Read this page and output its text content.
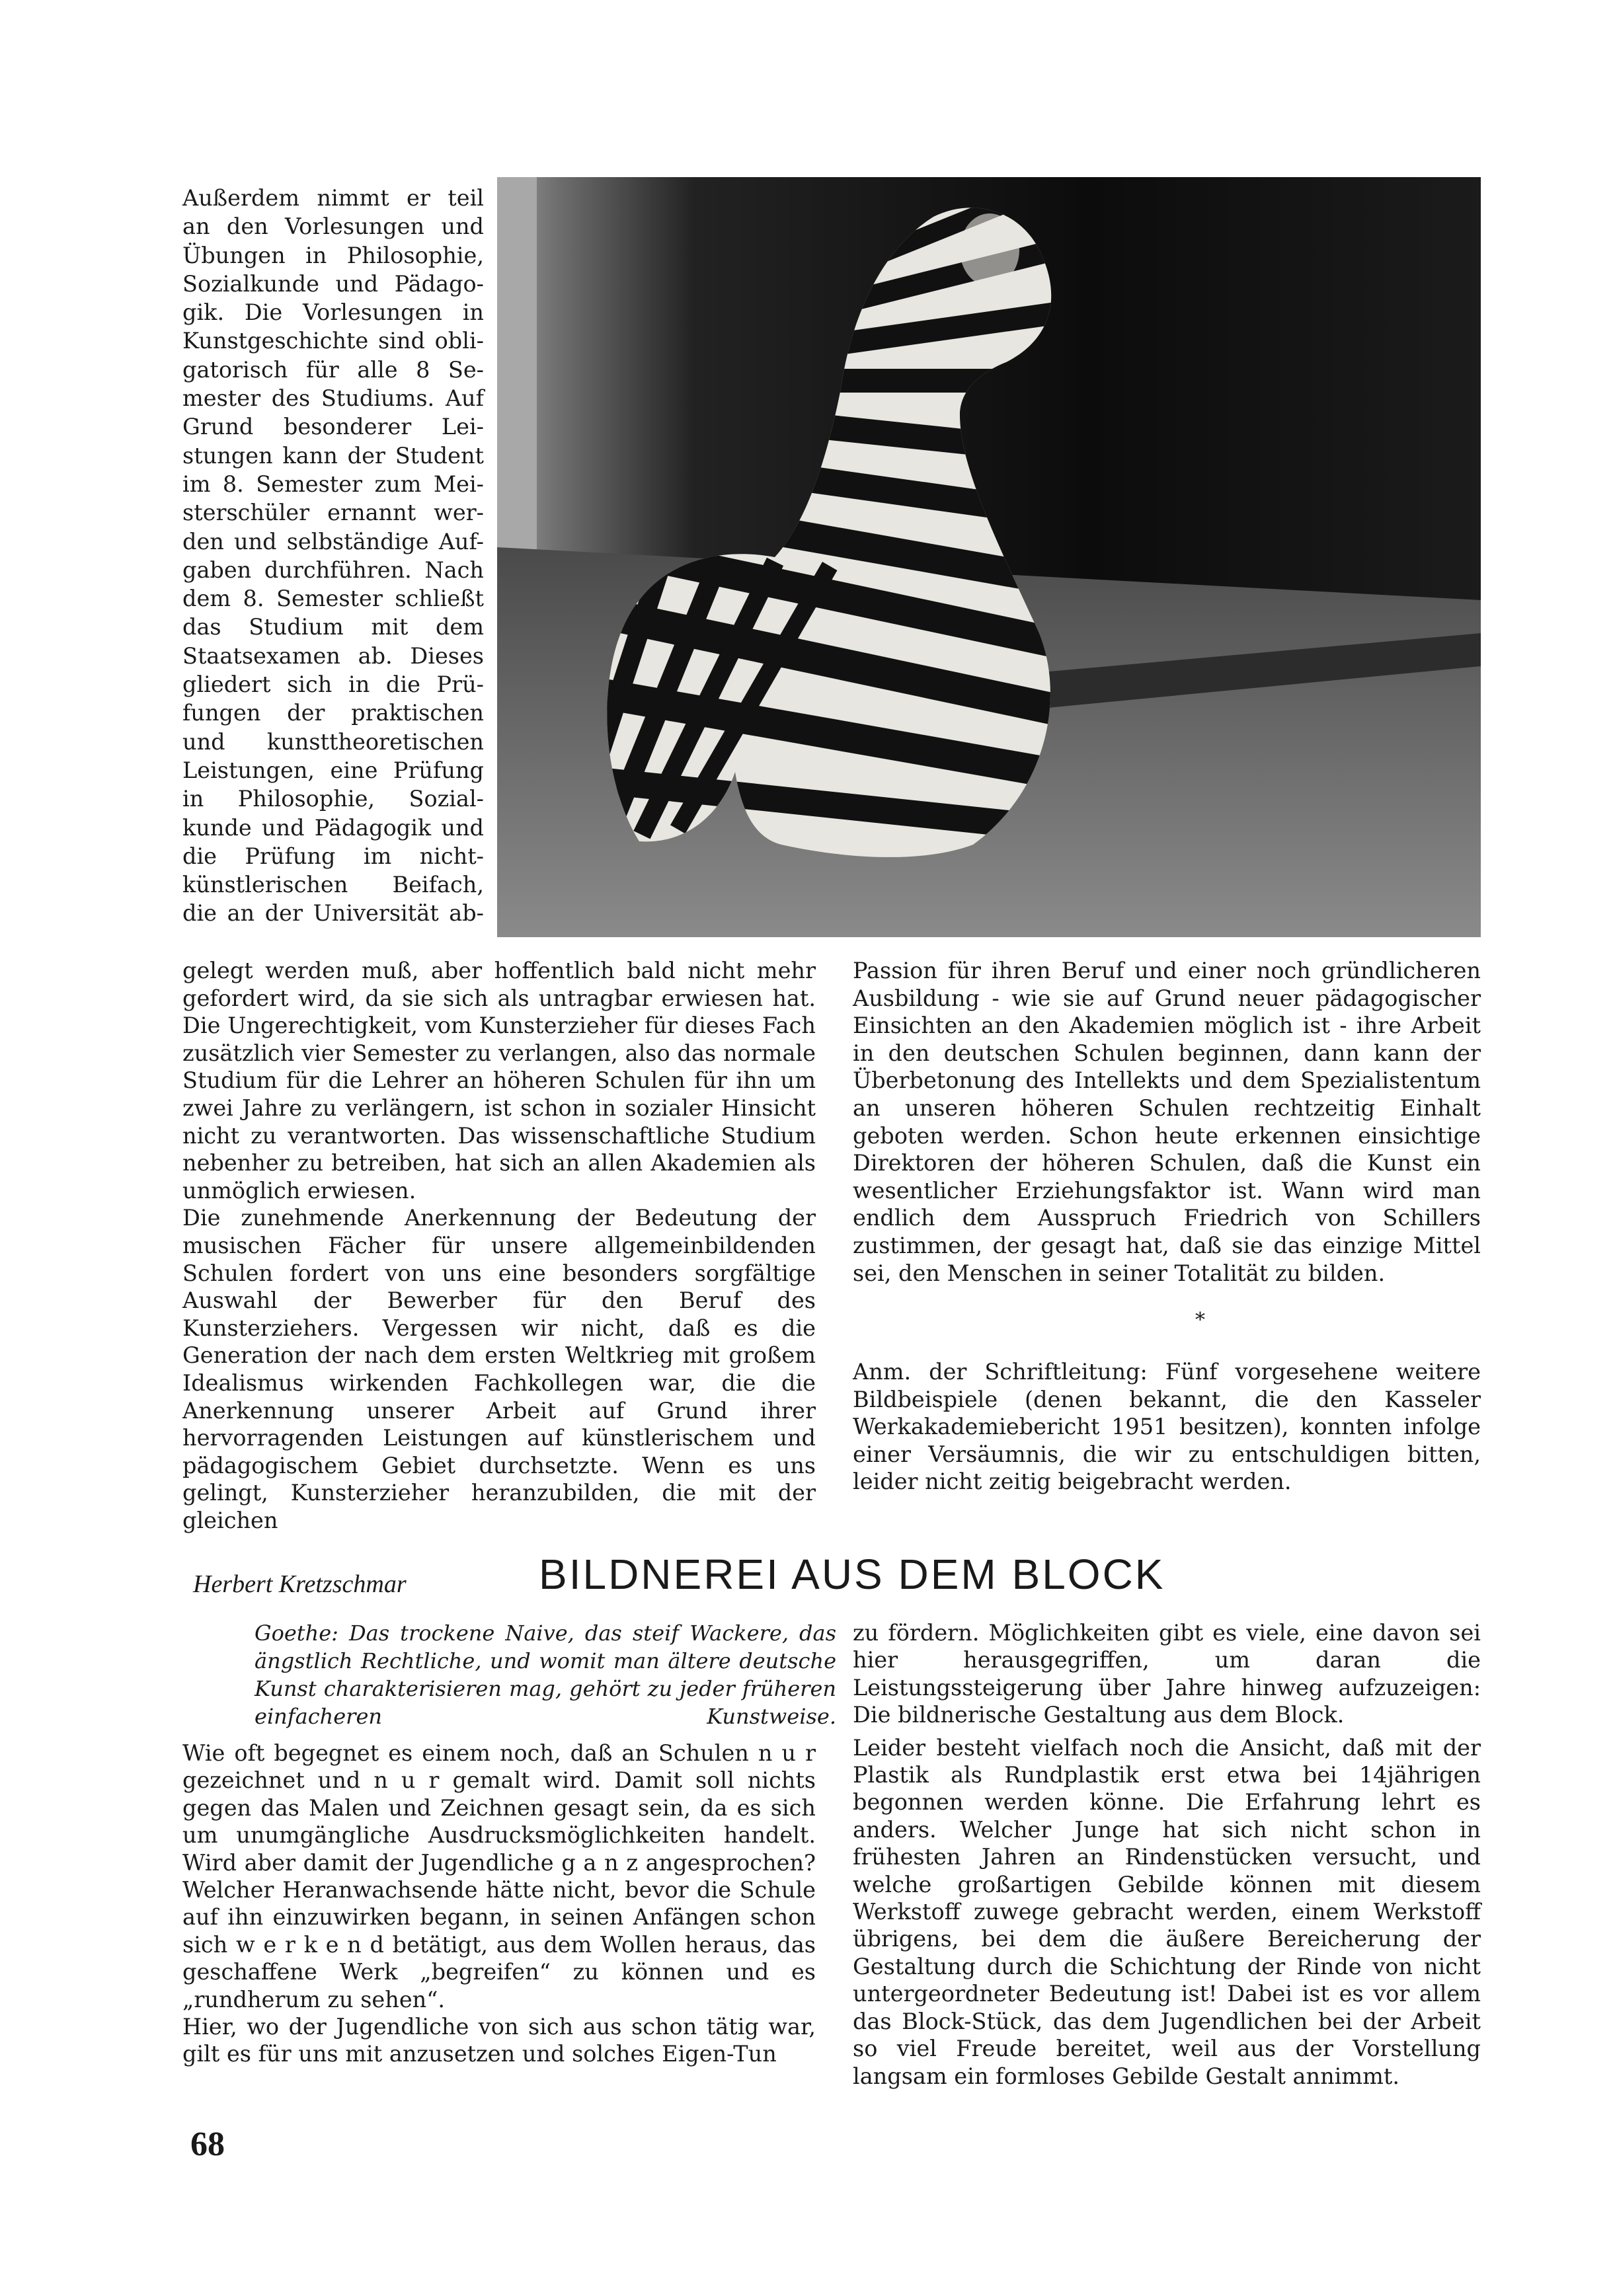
Außerdem nimmt er teil

an den Vorlesungen und

Übungen in Philosophie,

Sozialkunde und Pädago-

gik. Die Vorlesungen in

Kunstgeschichte sind obli-

gatorisch für alle 8 Se-

mester des Studiums. Auf

Grund besonderer Lei-

stungen kann der Student

im 8. Semester zum Mei-

sterschüler ernannt wer-

den und selbständige Auf-

gaben durchführen. Nach

dem 8. Semester schließt

das Studium mit dem

Staatsexamen ab. Dieses

gliedert sich in die Prü-

fungen der praktischen

und kunsttheoretischen

Leistungen, eine Prüfung

in Philosophie, Sozial-

kunde und Pädagogik und

die Prüfung im nicht-

künstlerischen Beifach,

die an der Universität ab-

gelegt werden muß, aber hoffentlich bald nicht mehr gefordert wird, da sie sich als untragbar erwiesen hat. Die Ungerechtigkeit, vom Kunsterzieher für dieses Fach zusätzlich vier Semester zu verlangen, also das normale Studium für die Lehrer an höheren Schulen für ihn um zwei Jahre zu verlängern, ist schon in sozialer Hinsicht nicht zu verantworten. Das wissenschaftliche Studium nebenher zu betreiben, hat sich an allen Akademien als unmöglich erwiesen.

Die zunehmende Anerkennung der Bedeutung der musischen Fächer für unsere allgemeinbildenden Schulen fordert von uns eine besonders sorgfältige Auswahl der Bewerber für den Beruf des Kunsterziehers. Vergessen wir nicht, daß es die Generation der nach dem ersten Weltkrieg mit großem Idealismus wirkenden Fachkollegen war, die die Anerkennung unserer Arbeit auf Grund ihrer hervorragenden Leistungen auf künstlerischem und pädagogischem Gebiet durchsetzte. Wenn es uns gelingt, Kunsterzieher heranzubilden, die mit der gleichen

Passion für ihren Beruf und einer noch gründlicheren Ausbildung - wie sie auf Grund neuer pädagogischer Einsichten an den Akademien möglich ist - ihre Arbeit in den deutschen Schulen beginnen, dann kann der Überbetonung des Intellekts und dem Spezialistentum an unseren höheren Schulen rechtzeitig Einhalt geboten werden. Schon heute erkennen einsichtige Direktoren der höheren Schulen, daß die Kunst ein wesentlicher Erziehungsfaktor ist. Wann wird man endlich dem Ausspruch Friedrich von Schillers zustimmen, der gesagt hat, daß sie das einzige Mittel sei, den Menschen in seiner Totalität zu bilden.

*

Anm. der Schriftleitung: Fünf vorgesehene weitere Bildbeispiele (denen bekannt, die den Kasseler Werkakademiebericht 1951 besitzen), konnten infolge einer Versäumnis, die wir zu entschuldigen bitten, leider nicht zeitig beigebracht werden.

Herbert Kretzschmar	BILDNEREI AUS DEM BLOCK

Goethe: Das trockene Naive, das steif Wackere, das ängstlich Rechtliche, und womit man ältere deutsche Kunst charakterisieren mag, gehört zu jeder früheren einfacheren Kunstweise.

Wie oft begegnet es einem noch, daß an Schulen n u r gezeichnet und n u r gemalt wird. Damit soll nichts gegen das Malen und Zeichnen gesagt sein, da es sich um unumgängliche Ausdrucksmöglichkeiten handelt. Wird aber damit der Jugendliche g a n z angesprochen? Welcher Heranwachsende hätte nicht, bevor die Schule auf ihn einzuwirken begann, in seinen Anfängen schon sich w e r k e n d betätigt, aus dem Wollen heraus, das geschaffene Werk „begreifen“ zu können und es „rundherum zu sehen“.

Hier, wo der Jugendliche von sich aus schon tätig war, gilt es für uns mit anzusetzen und solches Eigen-Tun

zu fördern. Möglichkeiten gibt es viele, eine davon sei hier herausgegriffen, um daran die Leistungssteigerung über Jahre hinweg aufzuzeigen: Die bildnerische Gestaltung aus dem Block.

Leider besteht vielfach noch die Ansicht, daß mit der Plastik als Rundplastik erst etwa bei 14jährigen begonnen werden könne. Die Erfahrung lehrt es anders. Welcher Junge hat sich nicht schon in frühesten Jahren an Rindenstücken versucht, und welche großartigen Gebilde können mit diesem Werkstoff zuwege gebracht werden, einem Werkstoff übrigens, bei dem die äußere Bereicherung der Gestaltung durch die Schichtung der Rinde von nicht untergeordneter Bedeutung ist! Dabei ist es vor allem das Block-Stück, das dem Jugendlichen bei der Arbeit so viel Freude bereitet, weil aus der Vorstellung langsam ein formloses Gebilde Gestalt annimmt.

68
